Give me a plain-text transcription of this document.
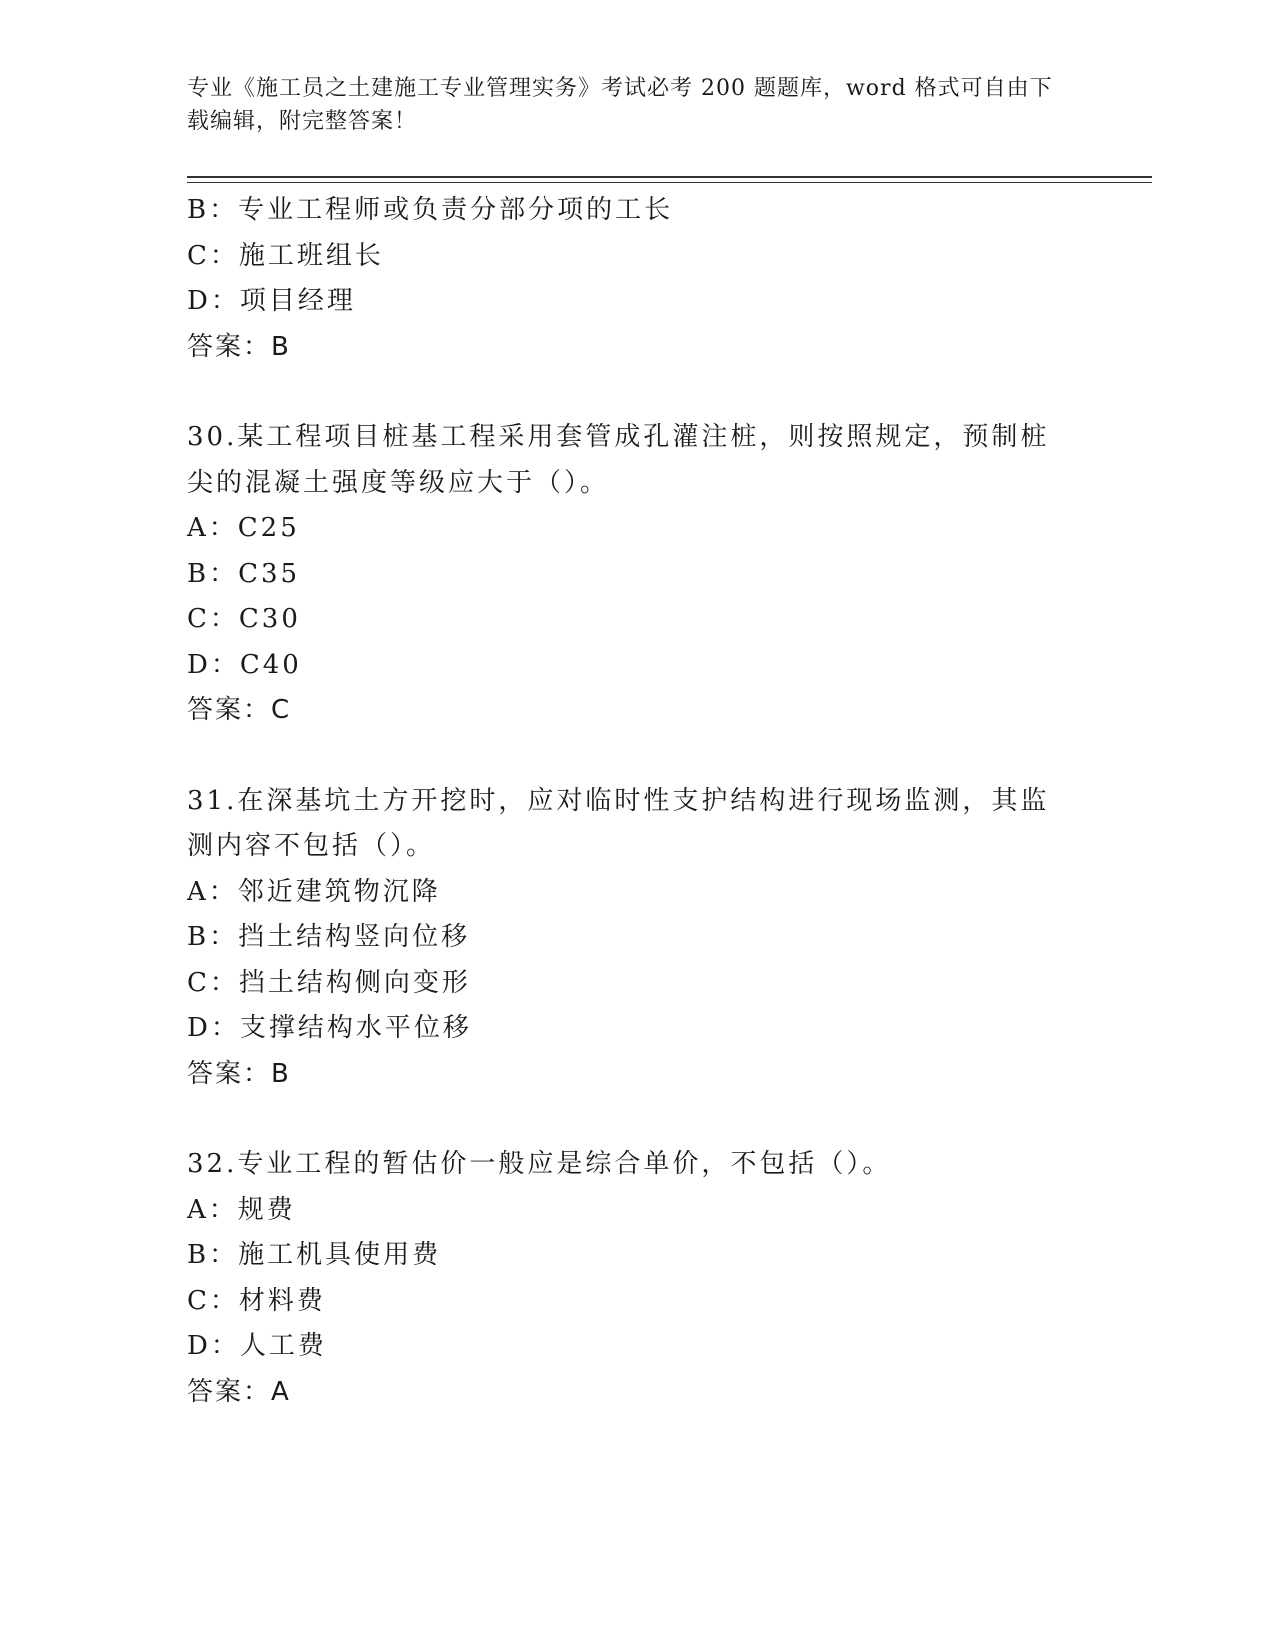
专业《施工员之土建施工专业管理实务》考试必考 200 题题库，word 格式可自由下载编辑，附完整答案！
B：专业工程师或负责分部分项的工长
C：施工班组长
D：项目经理
答案：B
30.某工程项目桩基工程采用套管成孔灌注桩，则按照规定，预制桩尖的混凝土强度等级应大于（）。
A：C25
B：C35
C：C30
D：C40
答案：C
31.在深基坑土方开挖时，应对临时性支护结构进行现场监测，其监测内容不包括（）。
A：邻近建筑物沉降
B：挡土结构竖向位移
C：挡土结构侧向变形
D：支撑结构水平位移
答案：B
32.专业工程的暂估价一般应是综合单价，不包括（）。
A：规费
B：施工机具使用费
C：材料费
D：人工费
答案：A
